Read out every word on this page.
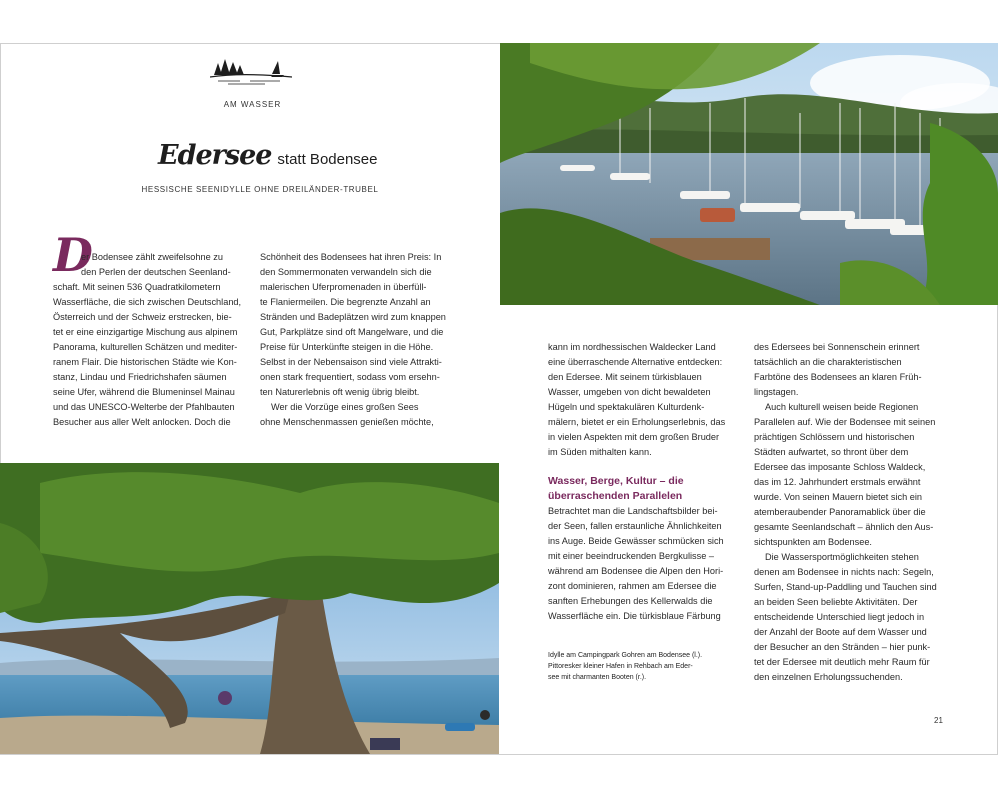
AM WASSER
Edersee statt Bodensee
HESSISCHE SEENIDYLLE OHNE DREILÄNDER-TRUBEL
D
er Bodensee zählt zweifelsohne zu
den Perlen der deutschen Seenland-
schaft. Mit seinen 536 Quadratkilometern
Wasserfläche, die sich zwischen Deutschland,
Österreich und der Schweiz erstrecken, bie-
tet er eine einzigartige Mischung aus alpinem
Panorama, kulturellen Schätzen und mediter-
ranem Flair. Die historischen Städte wie Kon-
stanz, Lindau und Friedrichshafen säumen
seine Ufer, während die Blumeninsel Mainau
und das UNESCO-Welterbe der Pfahlbauten
Besucher aus aller Welt anlocken. Doch die
Schönheit des Bodensees hat ihren Preis: In
den Sommermonaten verwandeln sich die
malerischen Uferpromenaden in überfüll-
te Flaniermeilen. Die begrenzte Anzahl an
Stränden und Badeplätzen wird zum knappen
Gut, Parkplätze sind oft Mangelware, und die
Preise für Unterkünfte steigen in die Höhe.
Selbst in der Nebensaison sind viele Attrakti-
onen stark frequentiert, sodass vom ersehn-
ten Naturerlebnis oft wenig übrig bleibt.
Wer die Vorzüge eines großen Sees
ohne Menschenmassen genießen möchte,
kann im nordhessischen Waldecker Land
eine überraschende Alternative entdecken:
den Edersee. Mit seinem türkisblauen
Wasser, umgeben von dicht bewaldeten
Hügeln und spektakulären Kulturdenk-
mälern, bietet er ein Erholungserlebnis, das
in vielen Aspekten mit dem großen Bruder
im Süden mithalten kann.
Wasser, Berge, Kultur – die
überraschenden Parallelen
Betrachtet man die Landschaftsbilder bei-
der Seen, fallen erstaunliche Ähnlichkeiten
ins Auge. Beide Gewässer schmücken sich
mit einer beeindruckenden Bergkulisse –
während am Bodensee die Alpen den Hori-
zont dominieren, rahmen am Edersee die
sanften Erhebungen des Kellerwalds die
Wasserfläche ein. Die türkisblaue Färbung
Idylle am Campingpark Gohren am Bodensee (l.).
Pittoresker kleiner Hafen in Rehbach am Eder-
see mit charmanten Booten (r.).
des Edersees bei Sonnenschein erinnert
tatsächlich an die charakteristischen
Farbtöne des Bodensees an klaren Früh-
lingstagen.
Auch kulturell weisen beide Regionen
Parallelen auf. Wie der Bodensee mit seinen
prächtigen Schlössern und historischen
Städten aufwartet, so thront über dem
Edersee das imposante Schloss Waldeck,
das im 12. Jahrhundert erstmals erwähnt
wurde. Von seinen Mauern bietet sich ein
atemberaubender Panoramablick über die
gesamte Seenlandschaft – ähnlich den Aus-
sichtspunkten am Bodensee.
Die Wassersportmöglichkeiten stehen
denen am Bodensee in nichts nach: Segeln,
Surfen, Stand-up-Paddling und Tauchen sind
an beiden Seen beliebte Aktivitäten. Der
entscheidende Unterschied liegt jedoch in
der Anzahl der Boote auf dem Wasser und
der Besucher an den Stränden – hier punk-
tet der Edersee mit deutlich mehr Raum für
den einzelnen Erholungssuchenden.
21
